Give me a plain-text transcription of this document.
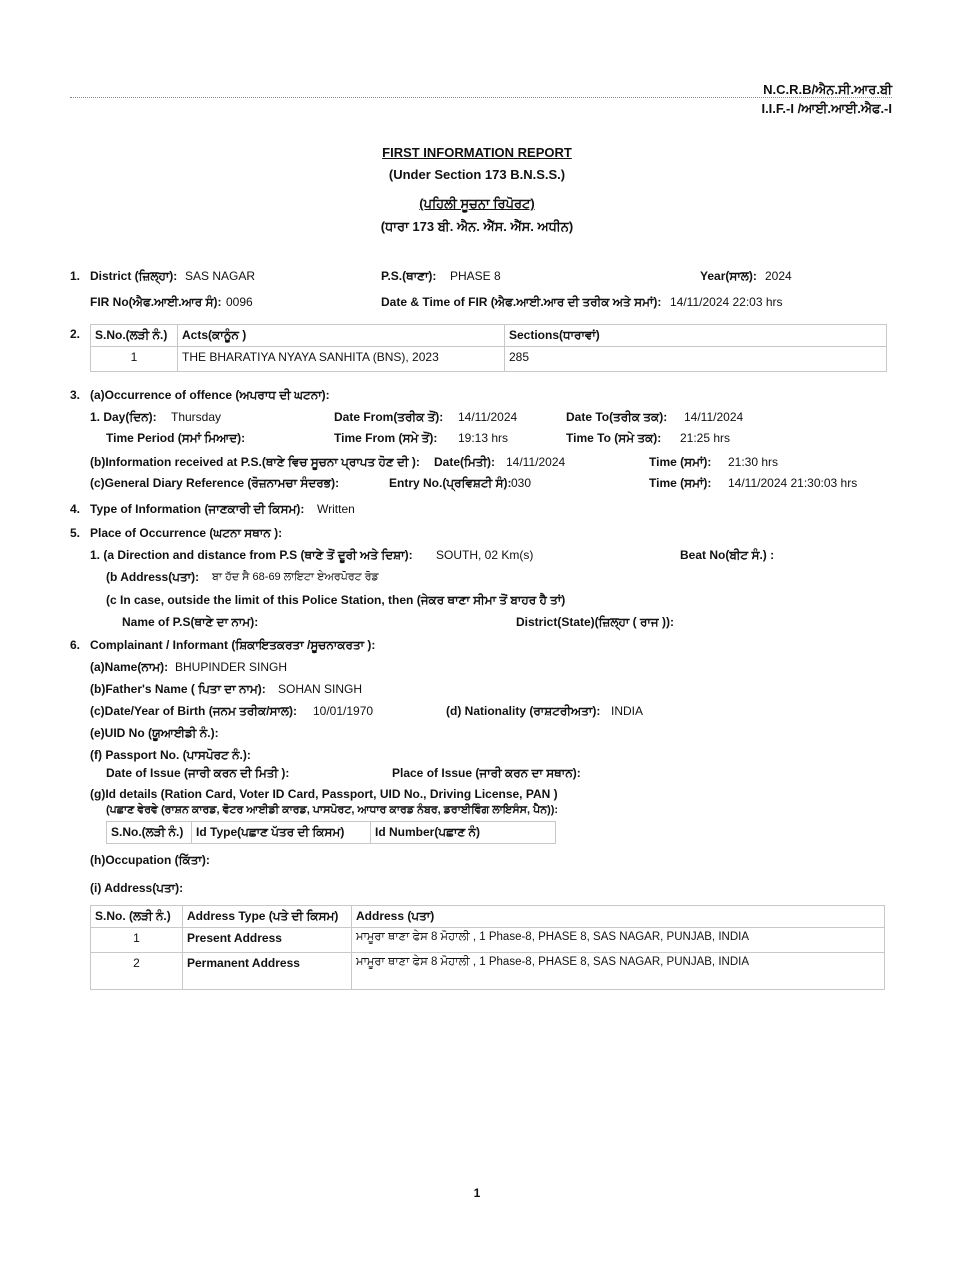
N.C.R.B/ਐਨ.ਸੀ.ਆਰ.ਬੀ
I.I.F.-I /ਆਈ.ਆਈ.ਐਫ.-I
FIRST INFORMATION REPORT
(Under Section 173 B.N.S.S.)
(ਪਹਿਲੀ ਸੂਚਨਾ ਰਿਪੋਰਟ)
(ਧਾਰਾ 173 ਬੀ. ਐਨ. ਐੱਸ. ਐੱਸ. ਅਧੀਨ)
1. District (ਜ਼ਿਲ੍ਹਾ): SAS NAGAR	P.S.(ਥਾਣਾ): PHASE 8	Year(ਸਾਲ): 2024
FIR No(ਐਫ.ਆਈ.ਆਰ ਸੰ): 0096	Date & Time of FIR (ਐਫ.ਆਈ.ਆਰ ਦੀ ਤਰੀਕ ਅਤੇ ਸਮਾਂ): 14/11/2024 22:03 hrs
2. S.No.(ਲੜੀ ਨੰ.)	Acts(ਕਾਨੂੰਨ )	Sections(ਧਾਰਾਵਾਂ)
1	THE BHARATIYA NYAYA SANHITA (BNS), 2023	285
3. (a)Occurrence of offence (ਅਪਰਾਧ ਦੀ ਘਟਨਾ):
1. Day(ਦਿਨ): Thursday	Date From(ਤਰੀਕ ਤੋਂ): 14/11/2024	Date To(ਤਰੀਕ ਤਕ): 14/11/2024
Time Period (ਸਮਾਂ ਮਿਆਦ):	Time From (ਸਮੇ ਤੋਂ): 19:13 hrs	Time To (ਸਮੇ ਤਕ): 21:25 hrs
(b)Information received at P.S.(ਥਾਣੇ ਵਿਚ ਸੂਚਨਾ ਪ੍ਰਾਪਤ ਹੋਣ ਦੀ ): Date(ਮਿਤੀ): 14/11/2024	Time (ਸਮਾਂ): 21:30 hrs
(c)General Diary Reference (ਰੋਜ਼ਨਾਮਚਾ ਸੰਦਰਭ):	Entry No.(ਪ੍ਰਵਿਸ਼ਟੀ ਸੰ): 030	Time (ਸਮਾਂ): 14/11/2024 21:30:03 hrs
4. Type of Information (ਜਾਣਕਾਰੀ ਦੀ ਕਿਸਮ): Written
5. Place of Occurrence (ਘਟਨਾ ਸਥਾਨ ):
1. (a Direction and distance from P.S (ਥਾਣੇ ਤੋਂ ਦੂਰੀ ਅਤੇ ਦਿਸ਼ਾ): SOUTH, 02 Km(s)	Beat No(ਬੀਟ ਸੰ.) :
(b Address(ਪਤਾ): ਬਾ ਹੱਦ ਸੈ 68-69 ਲਾਇਟਾ ਏਅਰਪੋਰਟ ਰੋਡ
(c In case, outside the limit of this Police Station, then (ਜੇਕਰ ਥਾਣਾ ਸੀਮਾ ਤੋਂ ਬਾਹਰ ਹੈ ਤਾਂ)
Name of P.S(ਥਾਣੇ ਦਾ ਨਾਮ):	District(State)(ਜ਼ਿਲ੍ਹਾ ( ਰਾਜ )):
6. Complainant / Informant (ਸ਼ਿਕਾਇਤਕਰਤਾ /ਸੂਚਨਾਕਰਤਾ ):
(a)Name(ਨਾਮ): BHUPINDER SINGH
(b)Father's Name ( ਪਿਤਾ ਦਾ ਨਾਮ): SOHAN SINGH
(c)Date/Year of Birth (ਜਨਮ ਤਰੀਕ/ਸਾਲ): 10/01/1970	(d) Nationality (ਰਾਸ਼ਟਰੀਅਤਾ): INDIA
(e)UID No (ਯੂਆਈਡੀ ਨੰ.):
(f) Passport No. (ਪਾਸਪੋਰਟ ਨੰ.):
Date of Issue (ਜਾਰੀ ਕਰਨ ਦੀ ਮਿਤੀ ):	Place of Issue (ਜਾਰੀ ਕਰਨ ਦਾ ਸਥਾਨ):
(g)Id details (Ration Card, Voter ID Card, Passport, UID No., Driving License, PAN )
(ਪਛਾਣ ਵੇਰਵੇ (ਰਾਸ਼ਨ ਕਾਰਡ, ਵੋਟਰ ਆਈਡੀ ਕਾਰਡ, ਪਾਸਪੋਰਟ, ਆਧਾਰ ਕਾਰਡ ਨੰਬਰ, ਡਰਾਈਵਿੰਗ ਲਾਇਸੰਸ, ਪੈਨ)):
S.No.(ਲੜੀ ਨੰ.)	Id Type(ਪਛਾਣ ਪੱਤਰ ਦੀ ਕਿਸਮ)	Id Number(ਪਛਾਣ ਨੰ)
(h)Occupation (ਕਿੱਤਾ):
(i) Address(ਪਤਾ):
S.No. (ਲੜੀ ਨੰ.)	Address Type (ਪਤੇ ਦੀ ਕਿਸਮ)	Address (ਪਤਾ)
1	Present Address	ਮਾਮੂਰਾ ਥਾਣਾ ਫੇਸ 8 ਮੋਹਾਲੀ , 1 Phase-8, PHASE 8, SAS NAGAR, PUNJAB, INDIA
2	Permanent Address	ਮਾਮੂਰਾ ਥਾਣਾ ਫੇਸ 8 ਮੋਹਾਲੀ , 1 Phase-8, PHASE 8, SAS NAGAR, PUNJAB, INDIA
1
